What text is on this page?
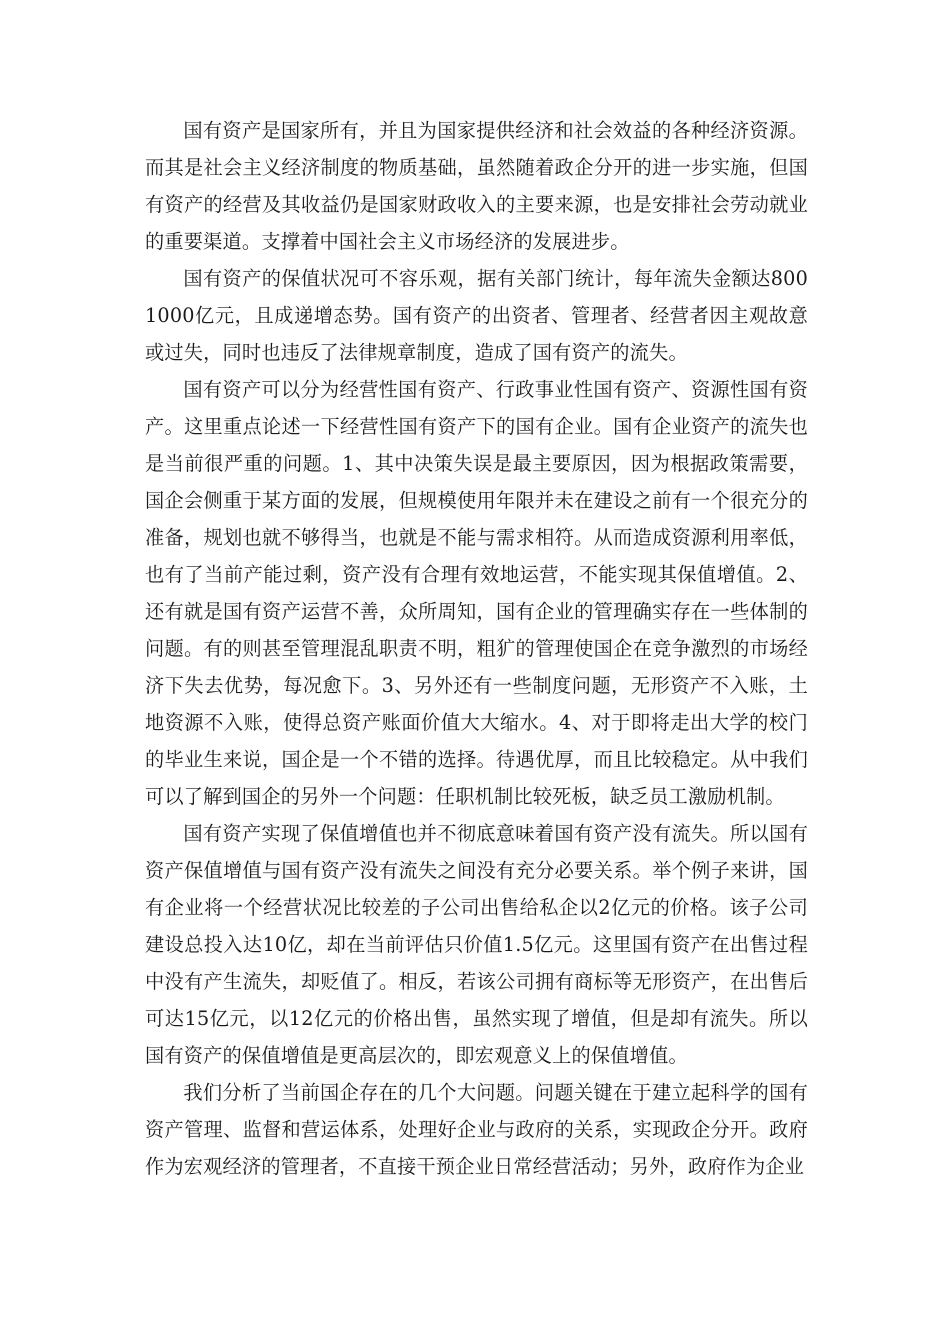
国有资产是国家所有，并且为国家提供经济和社会效益的各种经济资源。而其是社会主义经济制度的物质基础，虽然随着政企分开的进一步实施，但国有资产的经营及其收益仍是国家财政收入的主要来源，也是安排社会劳动就业的重要渠道。支撑着中国社会主义市场经济的发展进步。

国有资产的保值状况可不容乐观，据有关部门统计，每年流失金额达8001000亿元，且成递增态势。国有资产的出资者、管理者、经营者因主观故意或过失，同时也违反了法律规章制度，造成了国有资产的流失。

国有资产可以分为经营性国有资产、行政事业性国有资产、资源性国有资产。这里重点论述一下经营性国有资产下的国有企业。国有企业资产的流失也是当前很严重的问题。1、其中决策失误是最主要原因，因为根据政策需要，国企会侧重于某方面的发展，但规模使用年限并未在建设之前有一个很充分的准备，规划也就不够得当，也就是不能与需求相符。从而造成资源利用率低，也有了当前产能过剩，资产没有合理有效地运营，不能实现其保值增值。2、还有就是国有资产运营不善，众所周知，国有企业的管理确实存在一些体制的问题。有的则甚至管理混乱职责不明，粗犷的管理使国企在竞争激烈的市场经济下失去优势，每况愈下。3、另外还有一些制度问题，无形资产不入账，土地资源不入账，使得总资产账面价值大大缩水。4、对于即将走出大学的校门的毕业生来说，国企是一个不错的选择。待遇优厚，而且比较稳定。从中我们可以了解到国企的另外一个问题：任职机制比较死板，缺乏员工激励机制。

国有资产实现了保值增值也并不彻底意味着国有资产没有流失。所以国有资产保值增值与国有资产没有流失之间没有充分必要关系。举个例子来讲，国有企业将一个经营状况比较差的子公司出售给私企以2亿元的价格。该子公司建设总投入达10亿，却在当前评估只价值1.5亿元。这里国有资产在出售过程中没有产生流失，却贬值了。相反，若该公司拥有商标等无形资产，在出售后可达15亿元，以12亿元的价格出售，虽然实现了增值，但是却有流失。所以国有资产的保值增值是更高层次的，即宏观意义上的保值增值。

我们分析了当前国企存在的几个大问题。问题关键在于建立起科学的国有资产管理、监督和营运体系，处理好企业与政府的关系，实现政企分开。政府作为宏观经济的管理者，不直接干预企业日常经营活动；另外，政府作为企业
